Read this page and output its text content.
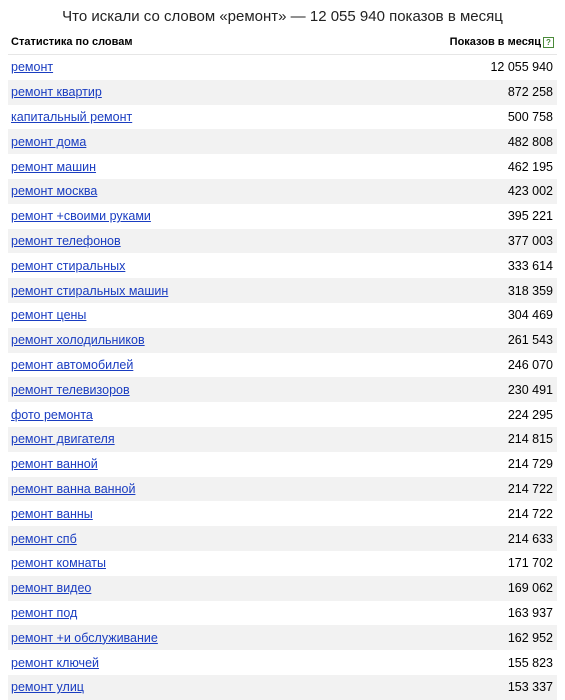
Что искали со словом «ремонт» — 12 055 940 показов в месяц
Статистика по словам	Показов в месяц ?
ремонт	12 055 940
ремонт квартир	872 258
капитальный ремонт	500 758
ремонт дома	482 808
ремонт машин	462 195
ремонт москва	423 002
ремонт +своими руками	395 221
ремонт телефонов	377 003
ремонт стиральных	333 614
ремонт стиральных машин	318 359
ремонт цены	304 469
ремонт холодильников	261 543
ремонт автомобилей	246 070
ремонт телевизоров	230 491
фото ремонта	224 295
ремонт двигателя	214 815
ремонт ванной	214 729
ремонт ванна ванной	214 722
ремонт ванны	214 722
ремонт спб	214 633
ремонт комнаты	171 702
ремонт видео	169 062
ремонт под	163 937
ремонт +и обслуживание	162 952
ремонт ключей	155 823
ремонт улиц	153 337
